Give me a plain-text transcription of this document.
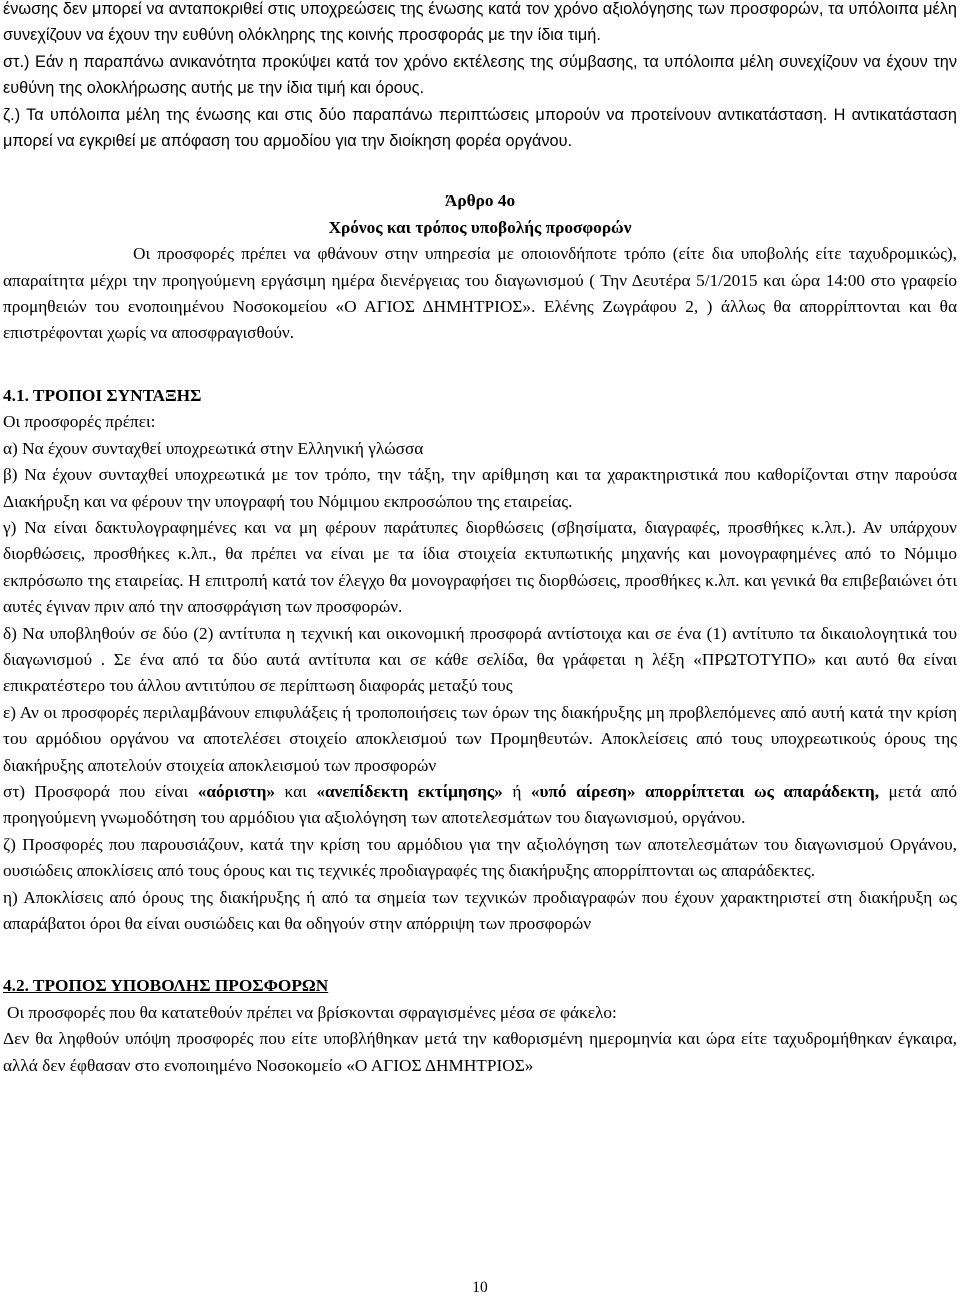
ένωσης δεν μπορεί να ανταποκριθεί στις υποχρεώσεις της ένωσης κατά τον χρόνο αξιολόγησης των προσφορών, τα υπόλοιπα μέλη συνεχίζουν να έχουν την ευθύνη ολόκληρης της κοινής προσφοράς με την ίδια τιμή.

στ.) Εάν η παραπάνω ανικανότητα προκύψει κατά τον χρόνο εκτέλεσης της σύμβασης, τα υπόλοιπα μέλη συνεχίζουν να έχουν την ευθύνη της ολοκλήρωσης αυτής με την ίδια τιμή και όρους.

ζ.) Τα υπόλοιπα μέλη της ένωσης και στις δύο παραπάνω περιπτώσεις μπορούν να προτείνουν αντικατάσταση. Η αντικατάσταση μπορεί να εγκριθεί με απόφαση του αρμοδίου για την διοίκηση φορέα οργάνου.

Άρθρο 4ο
Χρόνος και τρόπος υποβολής προσφορών

Οι προσφορές πρέπει να φθάνουν στην υπηρεσία με οποιονδήποτε τρόπο (είτε δια υποβολής είτε ταχυδρομικώς), απαραίτητα μέχρι την προηγούμενη εργάσιμη ημέρα διενέργειας του διαγωνισμού ( Την Δευτέρα 5/1/2015 και ώρα 14:00 στο γραφείο προμηθειών του ενοποιημένου Νοσοκομείου «Ο ΑΓΙΟΣ ΔΗΜΗΤΡΙΟΣ». Ελένης Ζωγράφου 2, ) άλλως θα απορρίπτονται και θα επιστρέφονται χωρίς να αποσφραγισθούν.

4.1. ΤΡΟΠΟΙ ΣΥΝΤΑΞΗΣ

Οι προσφορές πρέπει:

α) Να έχουν συνταχθεί υποχρεωτικά στην Ελληνική γλώσσα

β) Να έχουν συνταχθεί υποχρεωτικά με τον τρόπο, την τάξη, την αρίθμηση και τα χαρακτηριστικά που καθορίζονται στην παρούσα Διακήρυξη και να φέρουν την υπογραφή του Νόμιμου εκπροσώπου της εταιρείας.

γ) Να είναι δακτυλογραφημένες και να μη φέρουν παράτυπες διορθώσεις (σβησίματα, διαγραφές, προσθήκες κ.λπ.). Αν υπάρχουν διορθώσεις, προσθήκες κ.λπ., θα πρέπει να είναι με τα ίδια στοιχεία εκτυπωτικής μηχανής και μονογραφημένες από το Νόμιμο εκπρόσωπο της εταιρείας. Η επιτροπή κατά τον έλεγχο θα μονογραφήσει τις διορθώσεις, προσθήκες κ.λπ. και γενικά θα επιβεβαιώνει ότι αυτές έγιναν πριν από την αποσφράγιση των προσφορών.

δ) Να υποβληθούν σε δύο (2) αντίτυπα η τεχνική και οικονομική προσφορά αντίστοιχα και σε ένα (1) αντίτυπο τα δικαιολογητικά του διαγωνισμού . Σε ένα από τα δύο αυτά αντίτυπα και σε κάθε σελίδα, θα γράφεται η λέξη «ΠΡΩΤΟΤΥΠΟ» και αυτό θα είναι επικρατέστερο του άλλου αντιτύπου σε περίπτωση διαφοράς μεταξύ τους

ε) Αν οι προσφορές περιλαμβάνουν επιφυλάξεις ή τροποποιήσεις των όρων της διακήρυξης μη προβλεπόμενες από αυτή κατά την κρίση του αρμόδιου οργάνου να αποτελέσει στοιχείο αποκλεισμού των Προμηθευτών. Αποκλείσεις από τους υποχρεωτικούς όρους της διακήρυξης αποτελούν στοιχεία αποκλεισμού των προσφορών

στ) Προσφορά που είναι «αόριστη» και «ανεπίδεκτη εκτίμησης» ή «υπό αίρεση» απορρίπτεται ως απαράδεκτη, μετά από προηγούμενη γνωμοδότηση του αρμόδιου για αξιολόγηση των αποτελεσμάτων του διαγωνισμού, οργάνου.

ζ) Προσφορές που παρουσιάζουν, κατά την κρίση του αρμόδιου για την αξιολόγηση των αποτελεσμάτων του διαγωνισμού Οργάνου, ουσιώδεις αποκλίσεις από τους όρους και τις τεχνικές προδιαγραφές της διακήρυξης απορρίπτονται ως απαράδεκτες.

η) Αποκλίσεις από όρους της διακήρυξης ή από τα σημεία των τεχνικών προδιαγραφών που έχουν χαρακτηριστεί στη διακήρυξη ως απαράβατοι όροι θα είναι ουσιώδεις και θα οδηγούν στην απόρριψη των προσφορών

4.2. ΤΡΟΠΟΣ ΥΠΟΒΟΛΗΣ ΠΡΟΣΦΟΡΩΝ

Οι προσφορές που θα κατατεθούν πρέπει να βρίσκονται σφραγισμένες μέσα σε φάκελο:

Δεν θα ληφθούν υπόψη προσφορές που είτε υποβλήθηκαν μετά την καθορισμένη ημερομηνία και ώρα είτε ταχυδρομήθηκαν έγκαιρα, αλλά δεν έφθασαν στο ενοποιημένο Νοσοκομείο «Ο ΑΓΙΟΣ ΔΗΜΗΤΡΙΟΣ»

10
